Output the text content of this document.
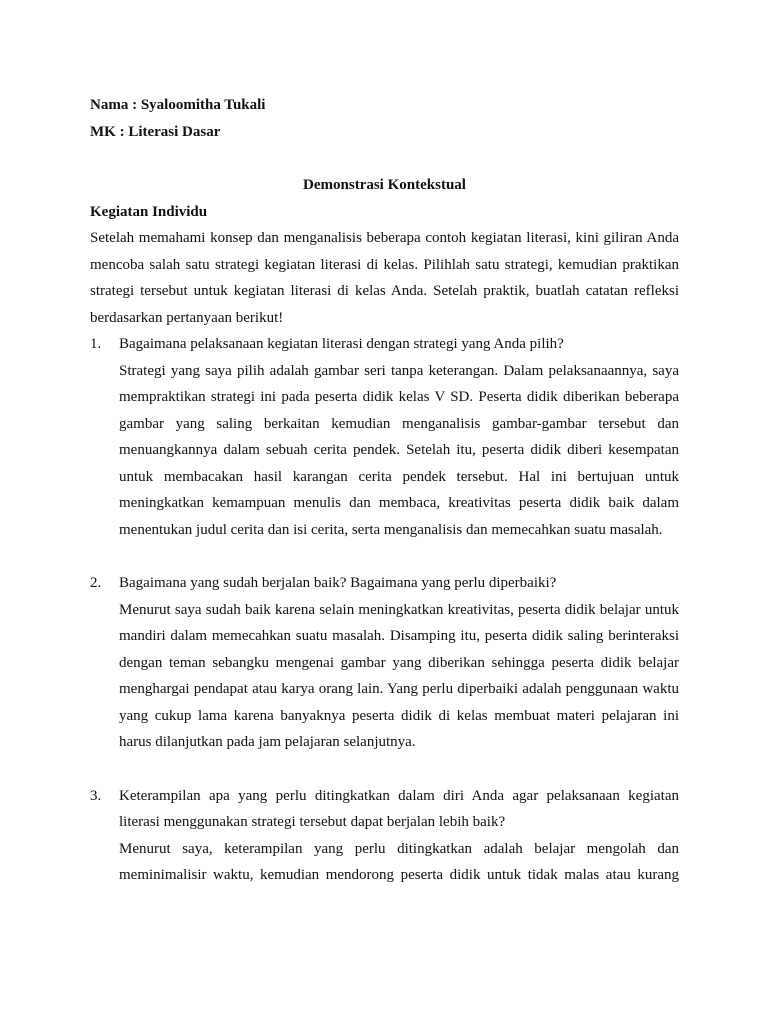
Nama : Syaloomitha Tukali
MK : Literasi Dasar
Demonstrasi Kontekstual
Kegiatan Individu
Setelah memahami konsep dan menganalisis beberapa contoh kegiatan literasi, kini giliran Anda
mencoba salah satu strategi kegiatan literasi di kelas. Pilihlah satu strategi, kemudian praktikan
strategi tersebut untuk kegiatan literasi di kelas Anda. Setelah praktik, buatlah catatan refleksi
berdasarkan pertanyaan berikut!
1. Bagaimana pelaksanaan kegiatan literasi dengan strategi yang Anda pilih?
Strategi yang saya pilih adalah gambar seri tanpa keterangan. Dalam pelaksanaannya, saya
mempraktikan strategi ini pada peserta didik kelas V SD. Peserta didik diberikan beberapa
gambar yang saling berkaitan kemudian menganalisis gambar-gambar tersebut dan
menuangkannya dalam sebuah cerita pendek. Setelah itu, peserta didik diberi kesempatan
untuk membacakan hasil karangan cerita pendek tersebut. Hal ini bertujuan untuk
meningkatkan kemampuan menulis dan membaca, kreativitas peserta didik baik dalam
menentukan judul cerita dan isi cerita, serta menganalisis dan memecahkan suatu masalah.
2. Bagaimana yang sudah berjalan baik? Bagaimana yang perlu diperbaiki?
Menurut saya sudah baik karena selain meningkatkan kreativitas, peserta didik belajar untuk
mandiri dalam memecahkan suatu masalah. Disamping itu, peserta didik saling berinteraksi
dengan teman sebangku mengenai gambar yang diberikan sehingga peserta didik belajar
menghargai pendapat atau karya orang lain. Yang perlu diperbaiki adalah penggunaan waktu
yang cukup lama karena banyaknya peserta didik di kelas membuat materi pelajaran ini
harus dilanjutkan pada jam pelajaran selanjutnya.
3. Keterampilan apa yang perlu ditingkatkan dalam diri Anda agar pelaksanaan kegiatan
literasi menggunakan strategi tersebut dapat berjalan lebih baik?
Menurut saya, keterampilan yang perlu ditingkatkan adalah belajar mengolah dan
meminimalisir waktu, kemudian mendorong peserta didik untuk tidak malas atau kurang
